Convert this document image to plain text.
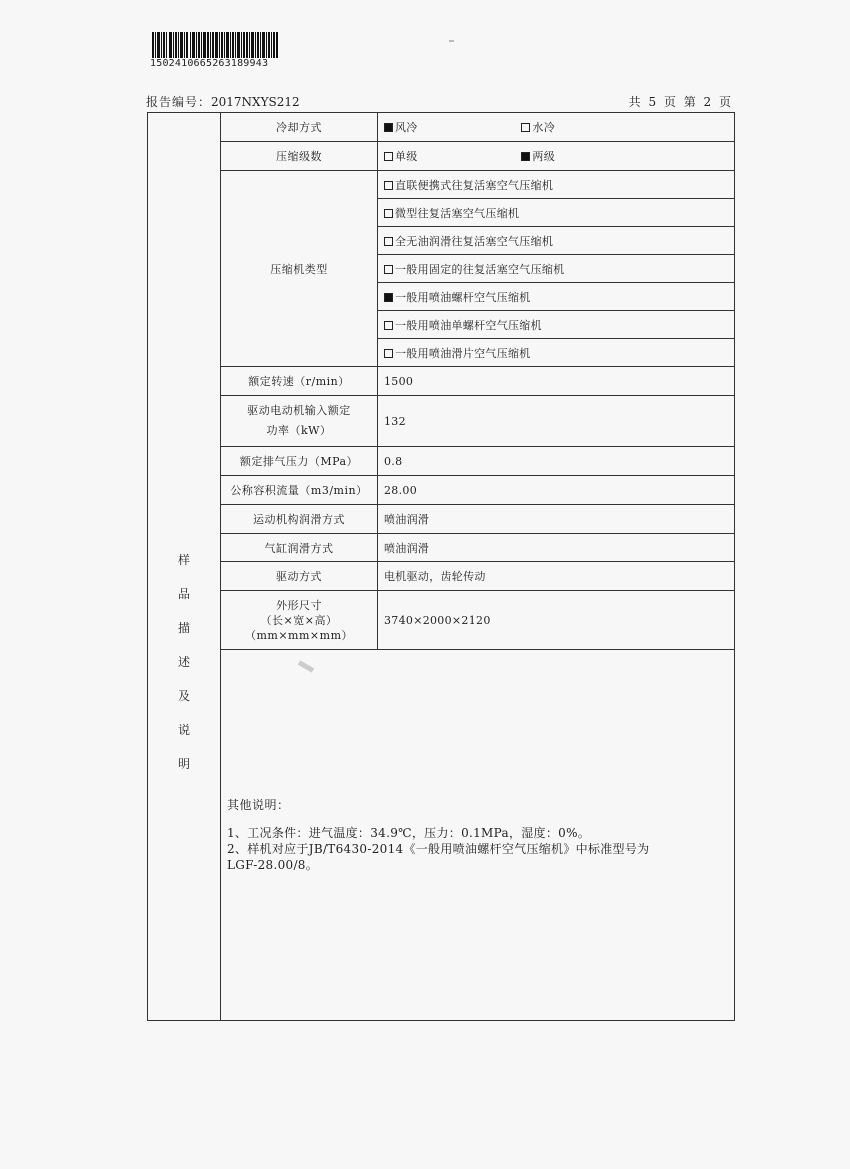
1502410665263189943
报告编号：2017NXYS212	共 5 页 第 2 页
样品描述及说明	冷却方式	风冷 水冷
	压缩级数	单级 两级
	压缩机类型	直联便携式往复活塞空气压缩机
		微型往复活塞空气压缩机
		全无油润滑往复活塞空气压缩机
		一般用固定的往复活塞空气压缩机
		一般用喷油螺杆空气压缩机
		一般用喷油单螺杆空气压缩机
		一般用喷油滑片空气压缩机
	额定转速（r/min）	1500
	驱动电动机输入额定
功率（kW）	132
	额定排气压力（MPa）	0.8
	公称容积流量（m3/min）	28.00
	运动机构润滑方式	喷油润滑
	气缸润滑方式	喷油润滑
	驱动方式	电机驱动，齿轮传动
	外形尺寸
（长×宽×高）
（mm×mm×mm）	3740×2000×2120

	其他说明：
1、工况条件：进气温度：34.9℃，压力：0.1MPa，湿度：0%。
2、样机对应于JB/T6430-2014《一般用喷油螺杆空气压缩机》中标准型号为
LGF-28.00/8。	
